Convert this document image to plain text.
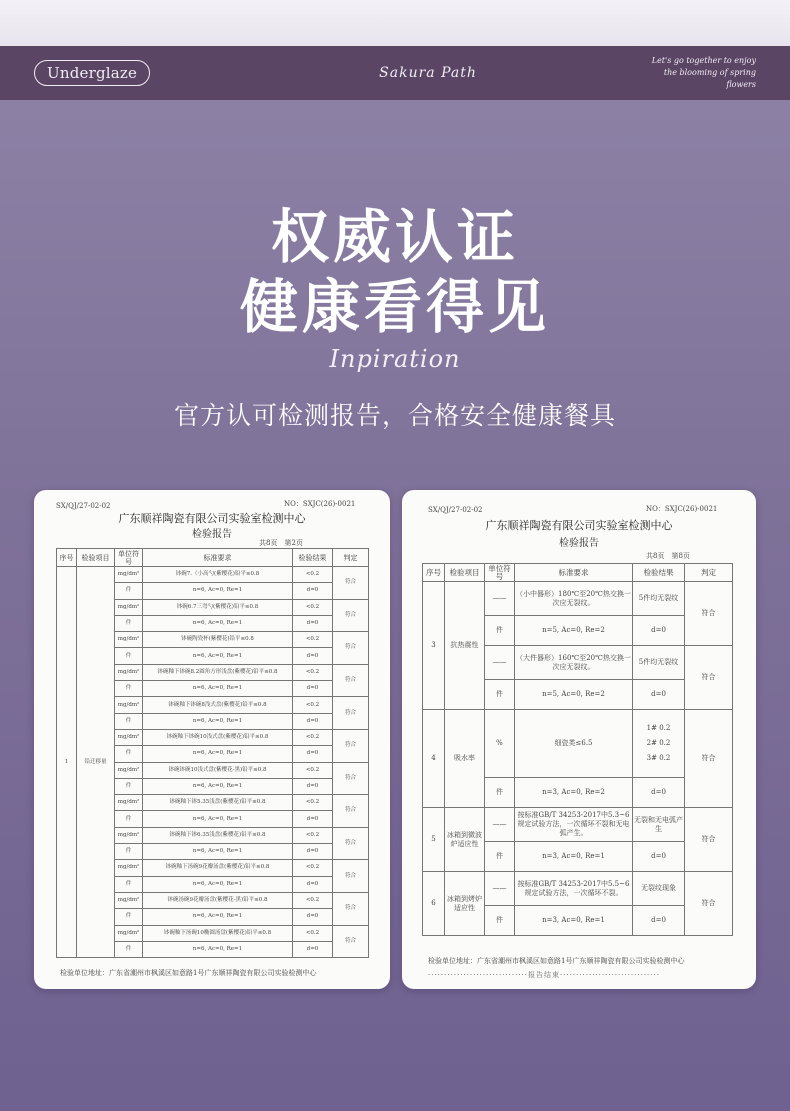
Underglaze	Sakura Path
Let's go together to enjoy
the blooming of spring flowers
权威认证
健康看得见
Inpiration
官方认可检测报告，合格安全健康餐具
SX/QJ/27-02-02	NO：SXJC(26)-0021
广东顺祥陶瓷有限公司实验室检测中心
检验报告
共8页　第2页
序号	检验项目	单位符号	标准要求	检验结果	判定
1	铅迁移量	mg/dm²	钵碗7.（小高勺(紫樱花)铅平≤0.8	<0.2	符合
		件	n=6, Ac=0, Re=1	d=0	
		mg/dm²	钵碗6.7三弯勺(紫樱花)铅平≤0.8	<0.2	符合
		件	n=6, Ac=0, Re=1	d=0	
		mg/dm²	钵碗陶瓷杯(紫樱花)铅平≤0.8	<0.2	符合
		件	n=6, Ac=0, Re=1	d=0	
		mg/dm²	钵碗釉下钵碗8.2圆角方形浅盘(紫樱花)铅平≤0.8	<0.2	符合
		件	n=6, Ac=0, Re=1	d=0	
		mg/dm²	钵碗釉下钵碗8浅式盘(紫樱花)铅平≤0.8	<0.2	符合
		件	n=6, Ac=0, Re=1	d=0	
		mg/dm²	钵碗釉下钵碗10浅式盘(紫樱花)铅平≤0.8	<0.2	符合
		件	n=6, Ac=0, Re=1	d=0	
		mg/dm²	钵碗钵碗10浅式盘(紫樱花-黑)铅平≤0.8	<0.2	符合
		件	n=6, Ac=0, Re=1	d=0	
		mg/dm²	钵碗釉下钵5.35浅盘(紫樱花)铅平≤0.8	<0.2	符合
		件	n=6, Ac=0, Re=1	d=0	
		mg/dm²	钵碗釉下钵6.35浅盘(紫樱花)铅平≤0.8	<0.2	符合
		件	n=6, Ac=0, Re=1	d=0	
		mg/dm²	钵碗釉下汤碗9花瓣汤盘(紫樱花)铅平≤0.8	<0.2	符合
		件	n=6, Ac=0, Re=1	d=0	
		mg/dm²	钵碗汤碗9花瓣汤盘(紫樱花-黑)铅平≤0.8	<0.2	符合
		件	n=6, Ac=0, Re=1	d=0	
		mg/dm²	钵碗釉下汤碗10椭圆汤盘(紫樱花)铅平≤0.8	<0.2	符合
		件	n=6, Ac=0, Re=1	d=0	
检验单位地址：广东省潮州市枫溪区如意路1号广东顺祥陶瓷有限公司实验检测中心
SX/QJ/27-02-02	NO：SXJC(26)-0021
广东顺祥陶瓷有限公司实验室检测中心
检验报告
共8页　第8页
序号	检验项目	单位符号	标准要求	检验结果	判定
3	抗热震性	——	（小中器形）180℃至20℃热交换一次应无裂纹。	5件均无裂纹	符合
		件	n=5, Ac=0, Re=2	d=0	
		——	（大件器形）160℃至20℃热交换一次应无裂纹。	5件均无裂纹	符合
		件	n=5, Ac=0, Re=2	d=0	
4	吸水率	%	细瓷类≤6.5	1# 0.2
2# 0.2
3# 0.2	符合
		件	n=3, Ac=0, Re=2	d=0	
5	冰箱到微波炉适应性	——	按标准GB/T 34253-2017中5.3~6规定试验方法，一次循环不裂和无电弧产生。	无裂和无电弧产生	符合
		件	n=3, Ac=0, Re=1	d=0	
6	冰箱到烤炉适应性	——	按标准GB/T 34253-2017中5.5~6规定试验方法，一次循环不裂。	无裂纹现象	符合
		件	n=3, Ac=0, Re=1	d=0	
检验单位地址：广东省潮州市枫溪区如意路1号广东顺祥陶瓷有限公司实验检测中心
·······························报告结束·······························
